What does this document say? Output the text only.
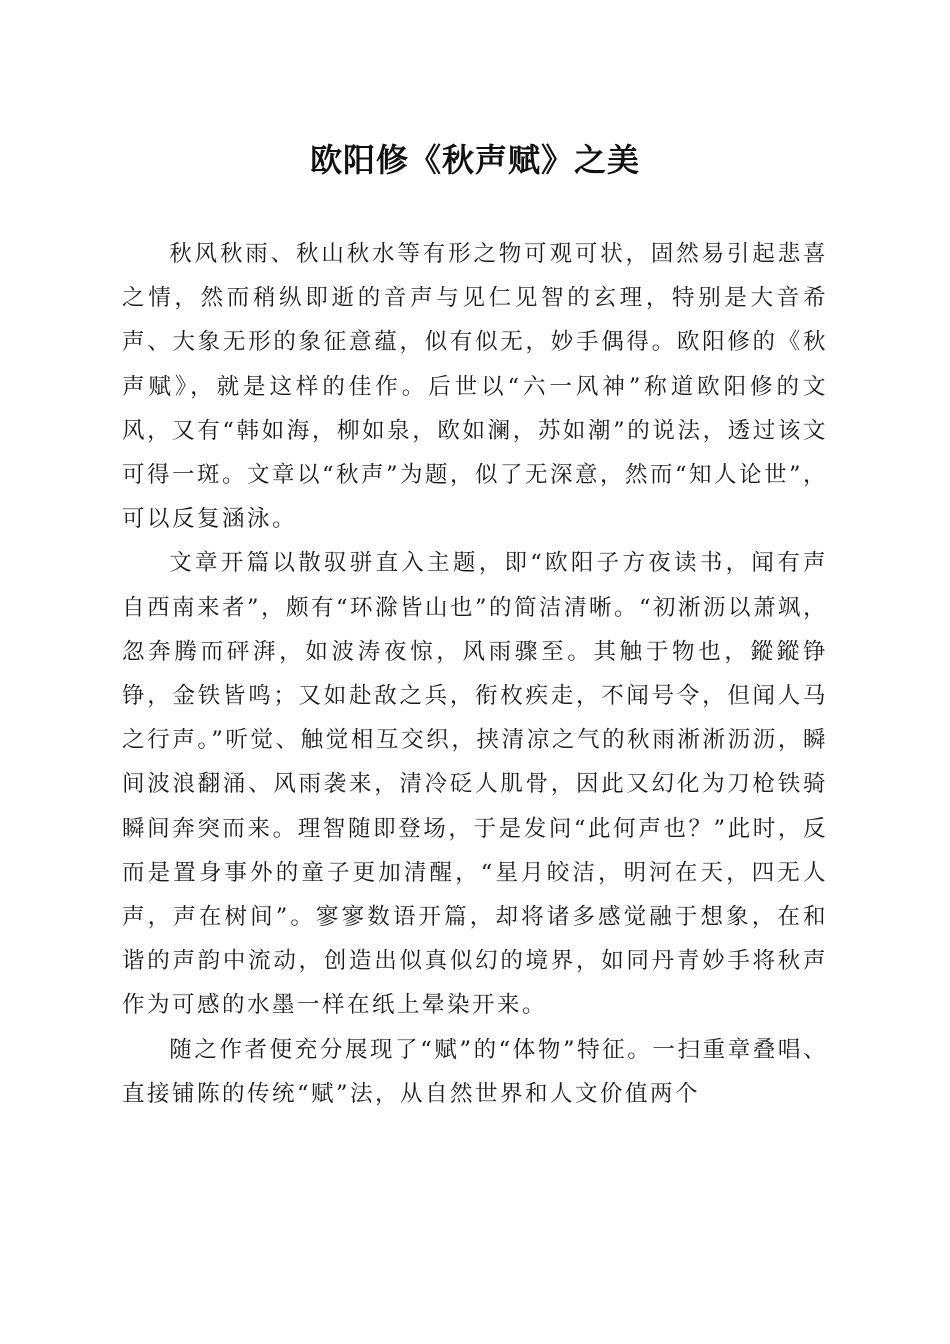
欧阳修《秋声赋》之美

秋风秋雨、秋山秋水等有形之物可观可状，固然易引起悲喜之情，然而稍纵即逝的音声与见仁见智的玄理，特别是大音希声、大象无形的象征意蕴，似有似无，妙手偶得。欧阳修的《秋声赋》，就是这样的佳作。后世以“六一风神”称道欧阳修的文风，又有“韩如海，柳如泉，欧如澜，苏如潮”的说法，透过该文可得一斑。文章以“秋声”为题，似了无深意，然而“知人论世”，可以反复涵泳。

文章开篇以散驭骈直入主题，即“欧阳子方夜读书，闻有声自西南来者”，颇有“环滁皆山也”的简洁清晰。“初淅沥以萧飒，忽奔腾而砰湃，如波涛夜惊，风雨骤至。其触于物也，鏦鏦铮铮，金铁皆鸣；又如赴敌之兵，衔枚疾走，不闻号令，但闻人马之行声。”听觉、触觉相互交织，挟清凉之气的秋雨淅淅沥沥，瞬间波浪翻涌、风雨袭来，清冷砭人肌骨，因此又幻化为刀枪铁骑瞬间奔突而来。理智随即登场，于是发问“此何声也？”此时，反而是置身事外的童子更加清醒，“星月皎洁，明河在天，四无人声，声在树间”。寥寥数语开篇，却将诸多感觉融于想象，在和谐的声韵中流动，创造出似真似幻的境界，如同丹青妙手将秋声作为可感的水墨一样在纸上晕染开来。

随之作者便充分展现了“赋”的“体物”特征。一扫重章叠唱、直接铺陈的传统“赋”法，从自然世界和人文价值两个
